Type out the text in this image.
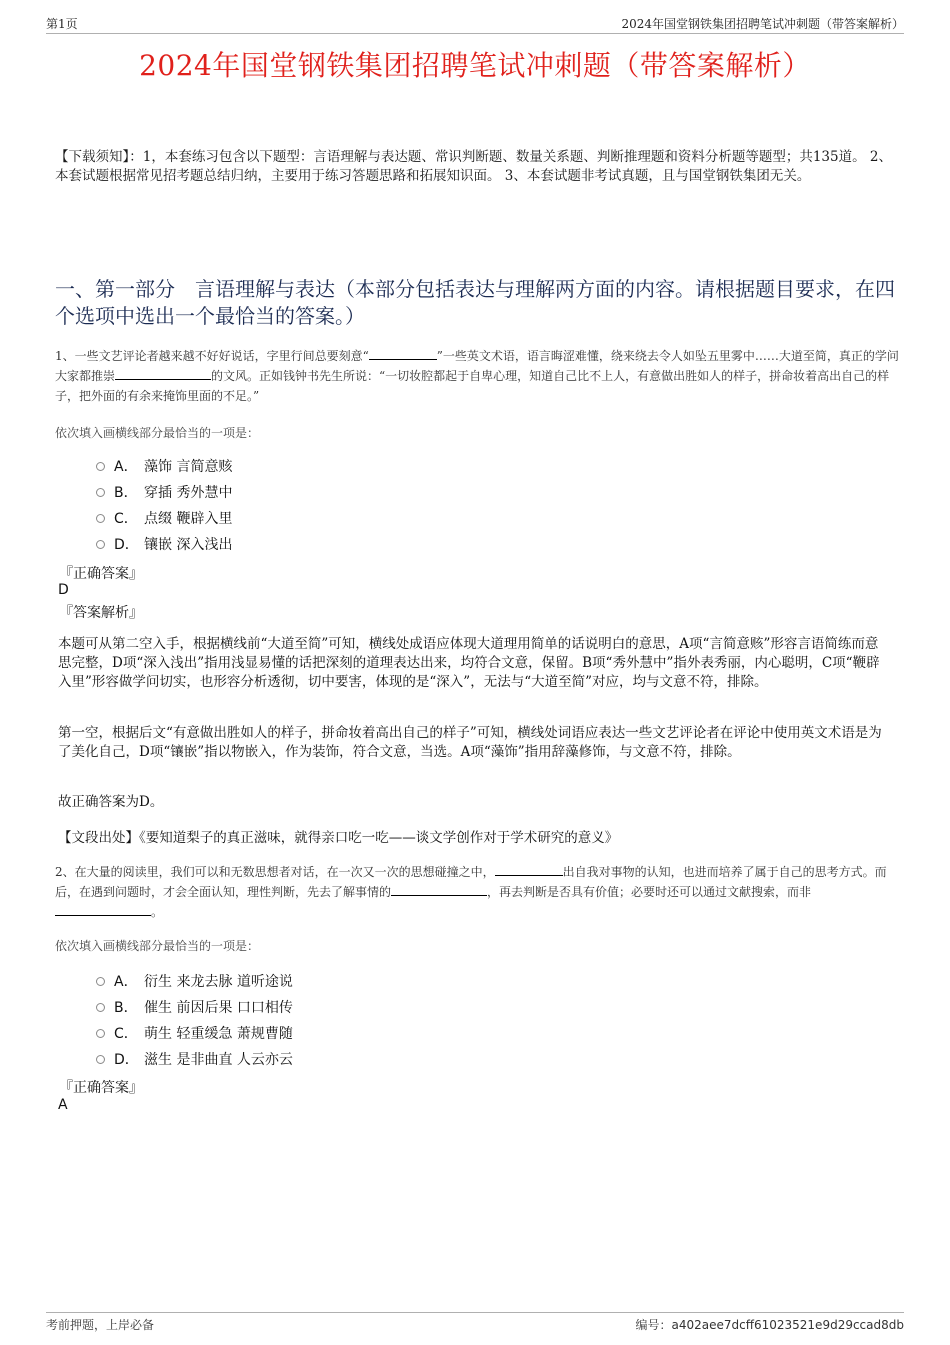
第1页	2024年国堂钢铁集团招聘笔试冲刺题（带答案解析）
2024年国堂钢铁集团招聘笔试冲刺题（带答案解析）
【下载须知】：1，本套练习包含以下题型：言语理解与表达题、常识判断题、数量关系题、判断推理题和资料分析题等题型；共135道。 2、本套试题根据常见招考题总结归纳，主要用于练习答题思路和拓展知识面。 3、本套试题非考试真题，且与国堂钢铁集团无关。
一、第一部分　言语理解与表达（本部分包括表达与理解两方面的内容。请根据题目要求，在四个选项中选出一个最恰当的答案。）
1、一些文艺评论者越来越不好好说话，字里行间总要刻意“	”一些英文术语，语言晦涩难懂，绕来绕去令人如坠五里雾中……大道至简，真正的学问大家都推崇	的文风。正如钱钟书先生所说：“一切妆腔都起于自卑心理，知道自己比不上人，有意做出胜如人的样子，拼命妆着高出自己的样子，把外面的有余来掩饰里面的不足。”
依次填入画横线部分最恰当的一项是：
A． 藻饰 言简意赅
B． 穿插 秀外慧中
C． 点缀 鞭辟入里
D． 镶嵌 深入浅出
『正确答案』
D
『答案解析』
本题可从第二空入手，根据横线前“大道至简”可知，横线处成语应体现大道理用简单的话说明白的意思，A项“言简意赅”形容言语简练而意思完整，D项“深入浅出”指用浅显易懂的话把深刻的道理表达出来，均符合文意，保留。B项“秀外慧中”指外表秀丽，内心聪明，C项“鞭辟入里”形容做学问切实，也形容分析透彻，切中要害，体现的是“深入”，无法与“大道至简”对应，均与文意不符，排除。
第一空，根据后文“有意做出胜如人的样子，拼命妆着高出自己的样子”可知，横线处词语应表达一些文艺评论者在评论中使用英文术语是为了美化自己，D项“镶嵌”指以物嵌入，作为装饰，符合文意，当选。A项“藻饰”指用辞藻修饰，与文意不符，排除。
故正确答案为D。
【文段出处】《要知道梨子的真正滋味，就得亲口吃一吃——谈文学创作对于学术研究的意义》
2、在大量的阅读里，我们可以和无数思想者对话，在一次又一次的思想碰撞之中，	出自我对事物的认知，也进而培养了属于自己的思考方式。而后，在遇到问题时，才会全面认知，理性判断，先去了解事情的	，再去判断是否具有价值；必要时还可以通过文献搜索，而非。
依次填入画横线部分最恰当的一项是：
A． 衍生 来龙去脉 道听途说
B． 催生 前因后果 口口相传
C． 萌生 轻重缓急 萧规曹随
D． 滋生 是非曲直 人云亦云
『正确答案』
A
考前押题，上岸必备	编号：a402aee7dcff61023521e9d29ccad8db
